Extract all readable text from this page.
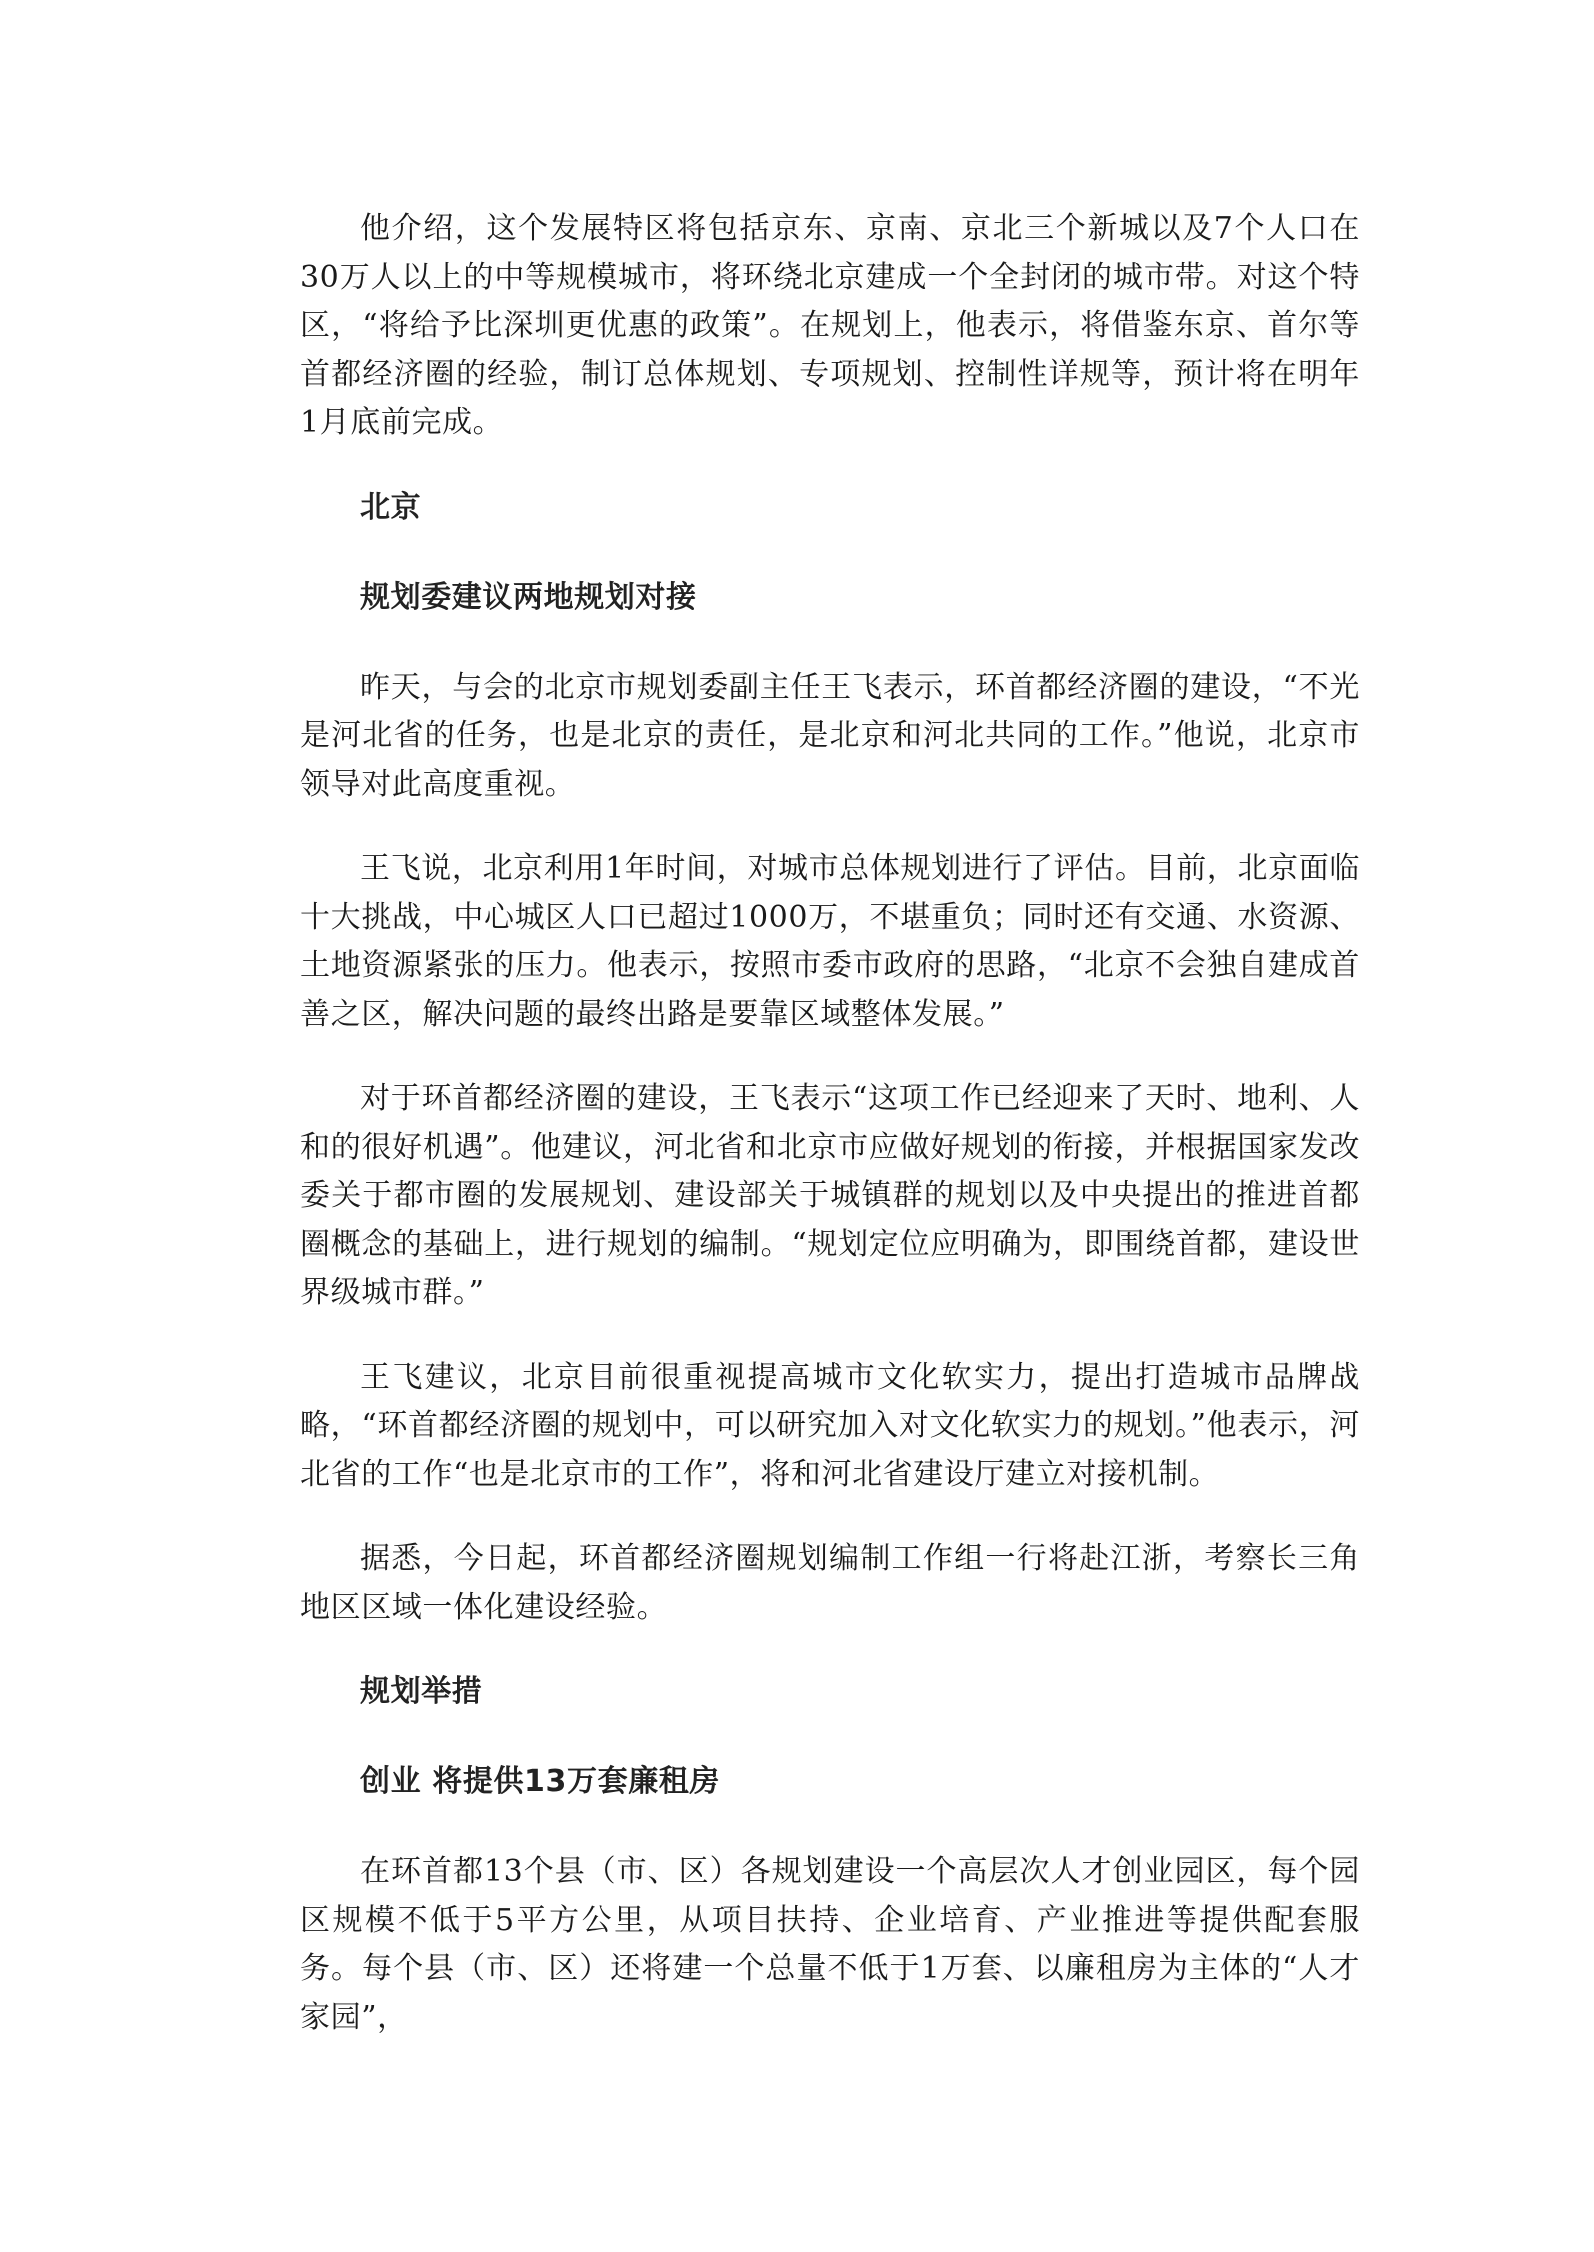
他介绍，这个发展特区将包括京东、京南、京北三个新城以及7个人口在30万人以上的中等规模城市，将环绕北京建成一个全封闭的城市带。对这个特区，“将给予比深圳更优惠的政策”。在规划上，他表示，将借鉴东京、首尔等首都经济圈的经验，制订总体规划、专项规划、控制性详规等，预计将在明年1月底前完成。

北京

规划委建议两地规划对接

昨天，与会的北京市规划委副主任王飞表示，环首都经济圈的建设，“不光是河北省的任务，也是北京的责任，是北京和河北共同的工作。”他说，北京市领导对此高度重视。

王飞说，北京利用1年时间，对城市总体规划进行了评估。目前，北京面临十大挑战，中心城区人口已超过1000万，不堪重负；同时还有交通、水资源、土地资源紧张的压力。他表示，按照市委市政府的思路，“北京不会独自建成首善之区，解决问题的最终出路是要靠区域整体发展。”

对于环首都经济圈的建设，王飞表示“这项工作已经迎来了天时、地利、人和的很好机遇”。他建议，河北省和北京市应做好规划的衔接，并根据国家发改委关于都市圈的发展规划、建设部关于城镇群的规划以及中央提出的推进首都圈概念的基础上，进行规划的编制。“规划定位应明确为，即围绕首都，建设世界级城市群。”

王飞建议，北京目前很重视提高城市文化软实力，提出打造城市品牌战略，“环首都经济圈的规划中，可以研究加入对文化软实力的规划。”他表示，河北省的工作“也是北京市的工作”，将和河北省建设厅建立对接机制。

据悉，今日起，环首都经济圈规划编制工作组一行将赴江浙，考察长三角地区区域一体化建设经验。

规划举措

创业 将提供13万套廉租房

在环首都13个县（市、区）各规划建设一个高层次人才创业园区，每个园区规模不低于5平方公里，从项目扶持、企业培育、产业推进等提供配套服务。每个县（市、区）还将建一个总量不低于1万套、以廉租房为主体的“人才家园”，
